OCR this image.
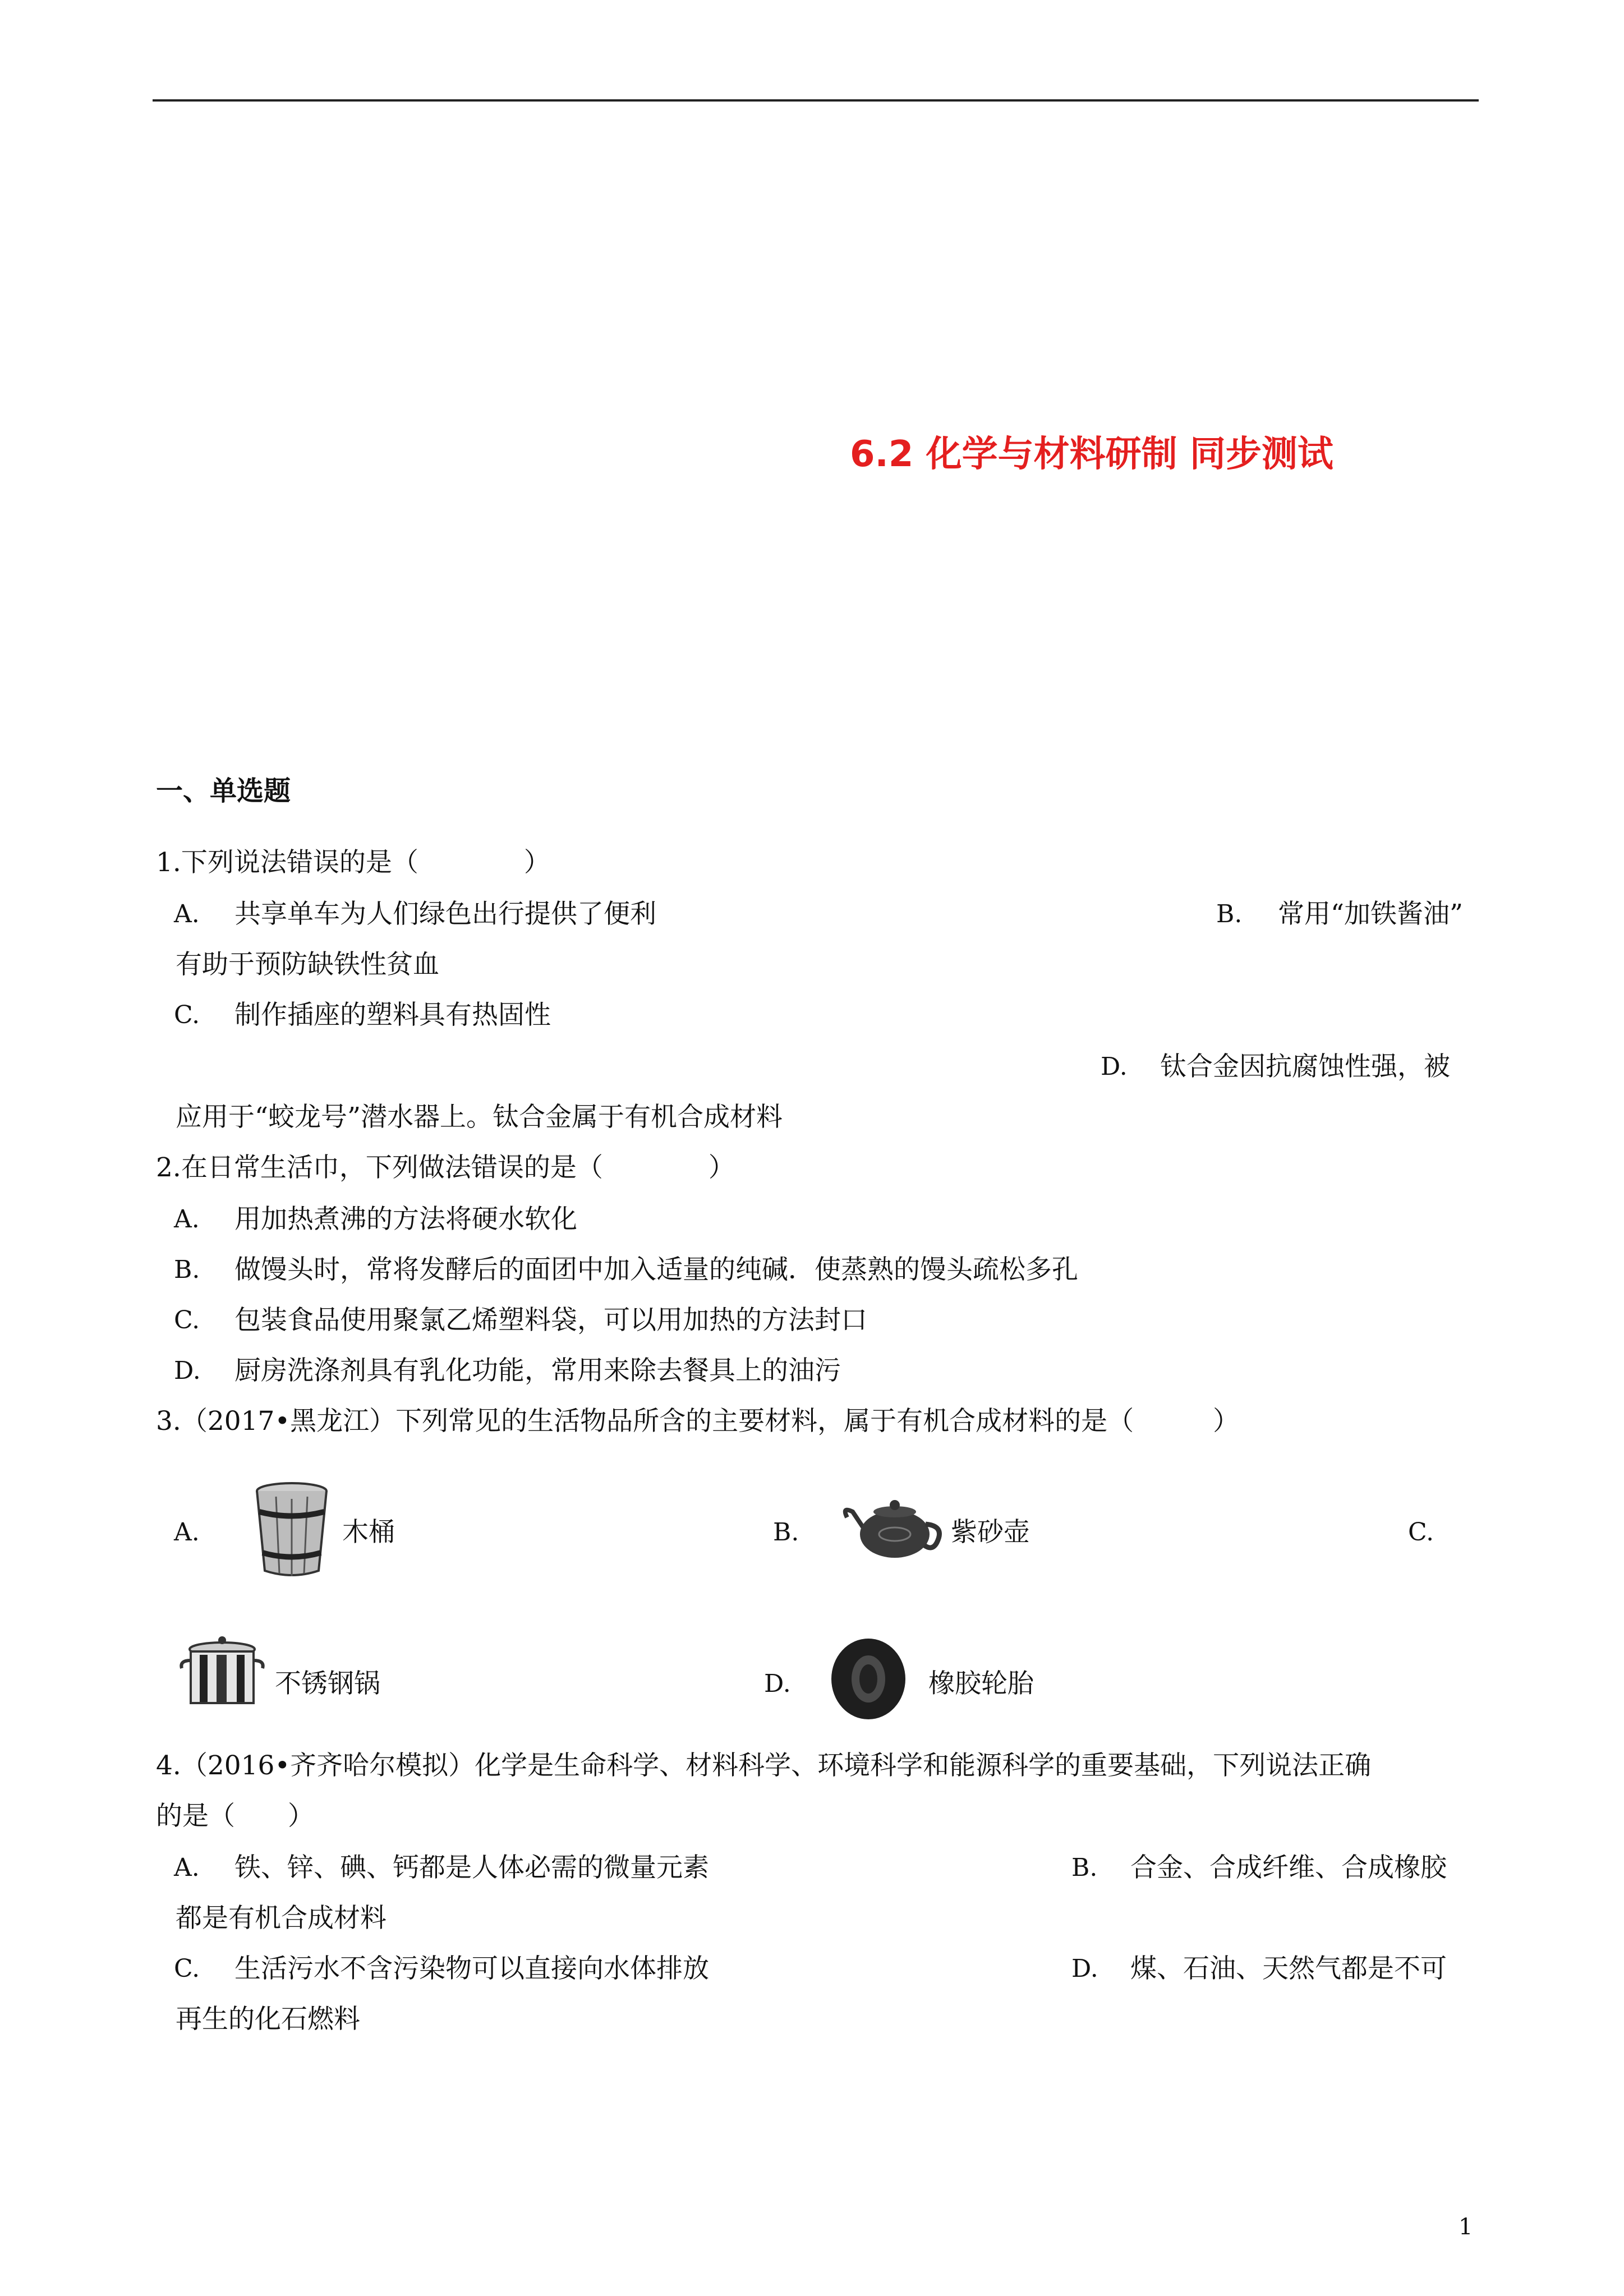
6.2 化学与材料研制 同步测试
一、单选题
1.下列说法错误的是（　　　　）
A. 共享单车为人们绿色出行提供了便利	B. 常用“加铁酱油”
有助于预防缺铁性贫血
C. 制作插座的塑料具有热固性
D. 钛合金因抗腐蚀性强，被
应用于“蛟龙号”潜水器上。钛合金属于有机合成材料
2.在日常生活巾，下列做法错误的是（　　　　）
A. 用加热煮沸的方法将硬水软化
B. 做馒头时，常将发酵后的面团中加入适量的纯碱．使蒸熟的馒头疏松多孔
C. 包装食品使用聚氯乙烯塑料袋，可以用加热的方法封口
D. 厨房洗涤剂具有乳化功能，常用来除去餐具上的油污
3.（2017•黑龙江）下列常见的生活物品所含的主要材料，属于有机合成材料的是（　　　）
A.	木桶	B.	紫砂壶	C.
不锈钢锅	D.	橡胶轮胎
4.（2016•齐齐哈尔模拟）化学是生命科学、材料科学、环境科学和能源科学的重要基础，下列说法正确
的是（　　）
A. 铁、锌、碘、钙都是人体必需的微量元素	B. 合金、合成纤维、合成橡胶
都是有机合成材料
C. 生活污水不含污染物可以直接向水体排放	D. 煤、石油、天然气都是不可
再生的化石燃料
1
